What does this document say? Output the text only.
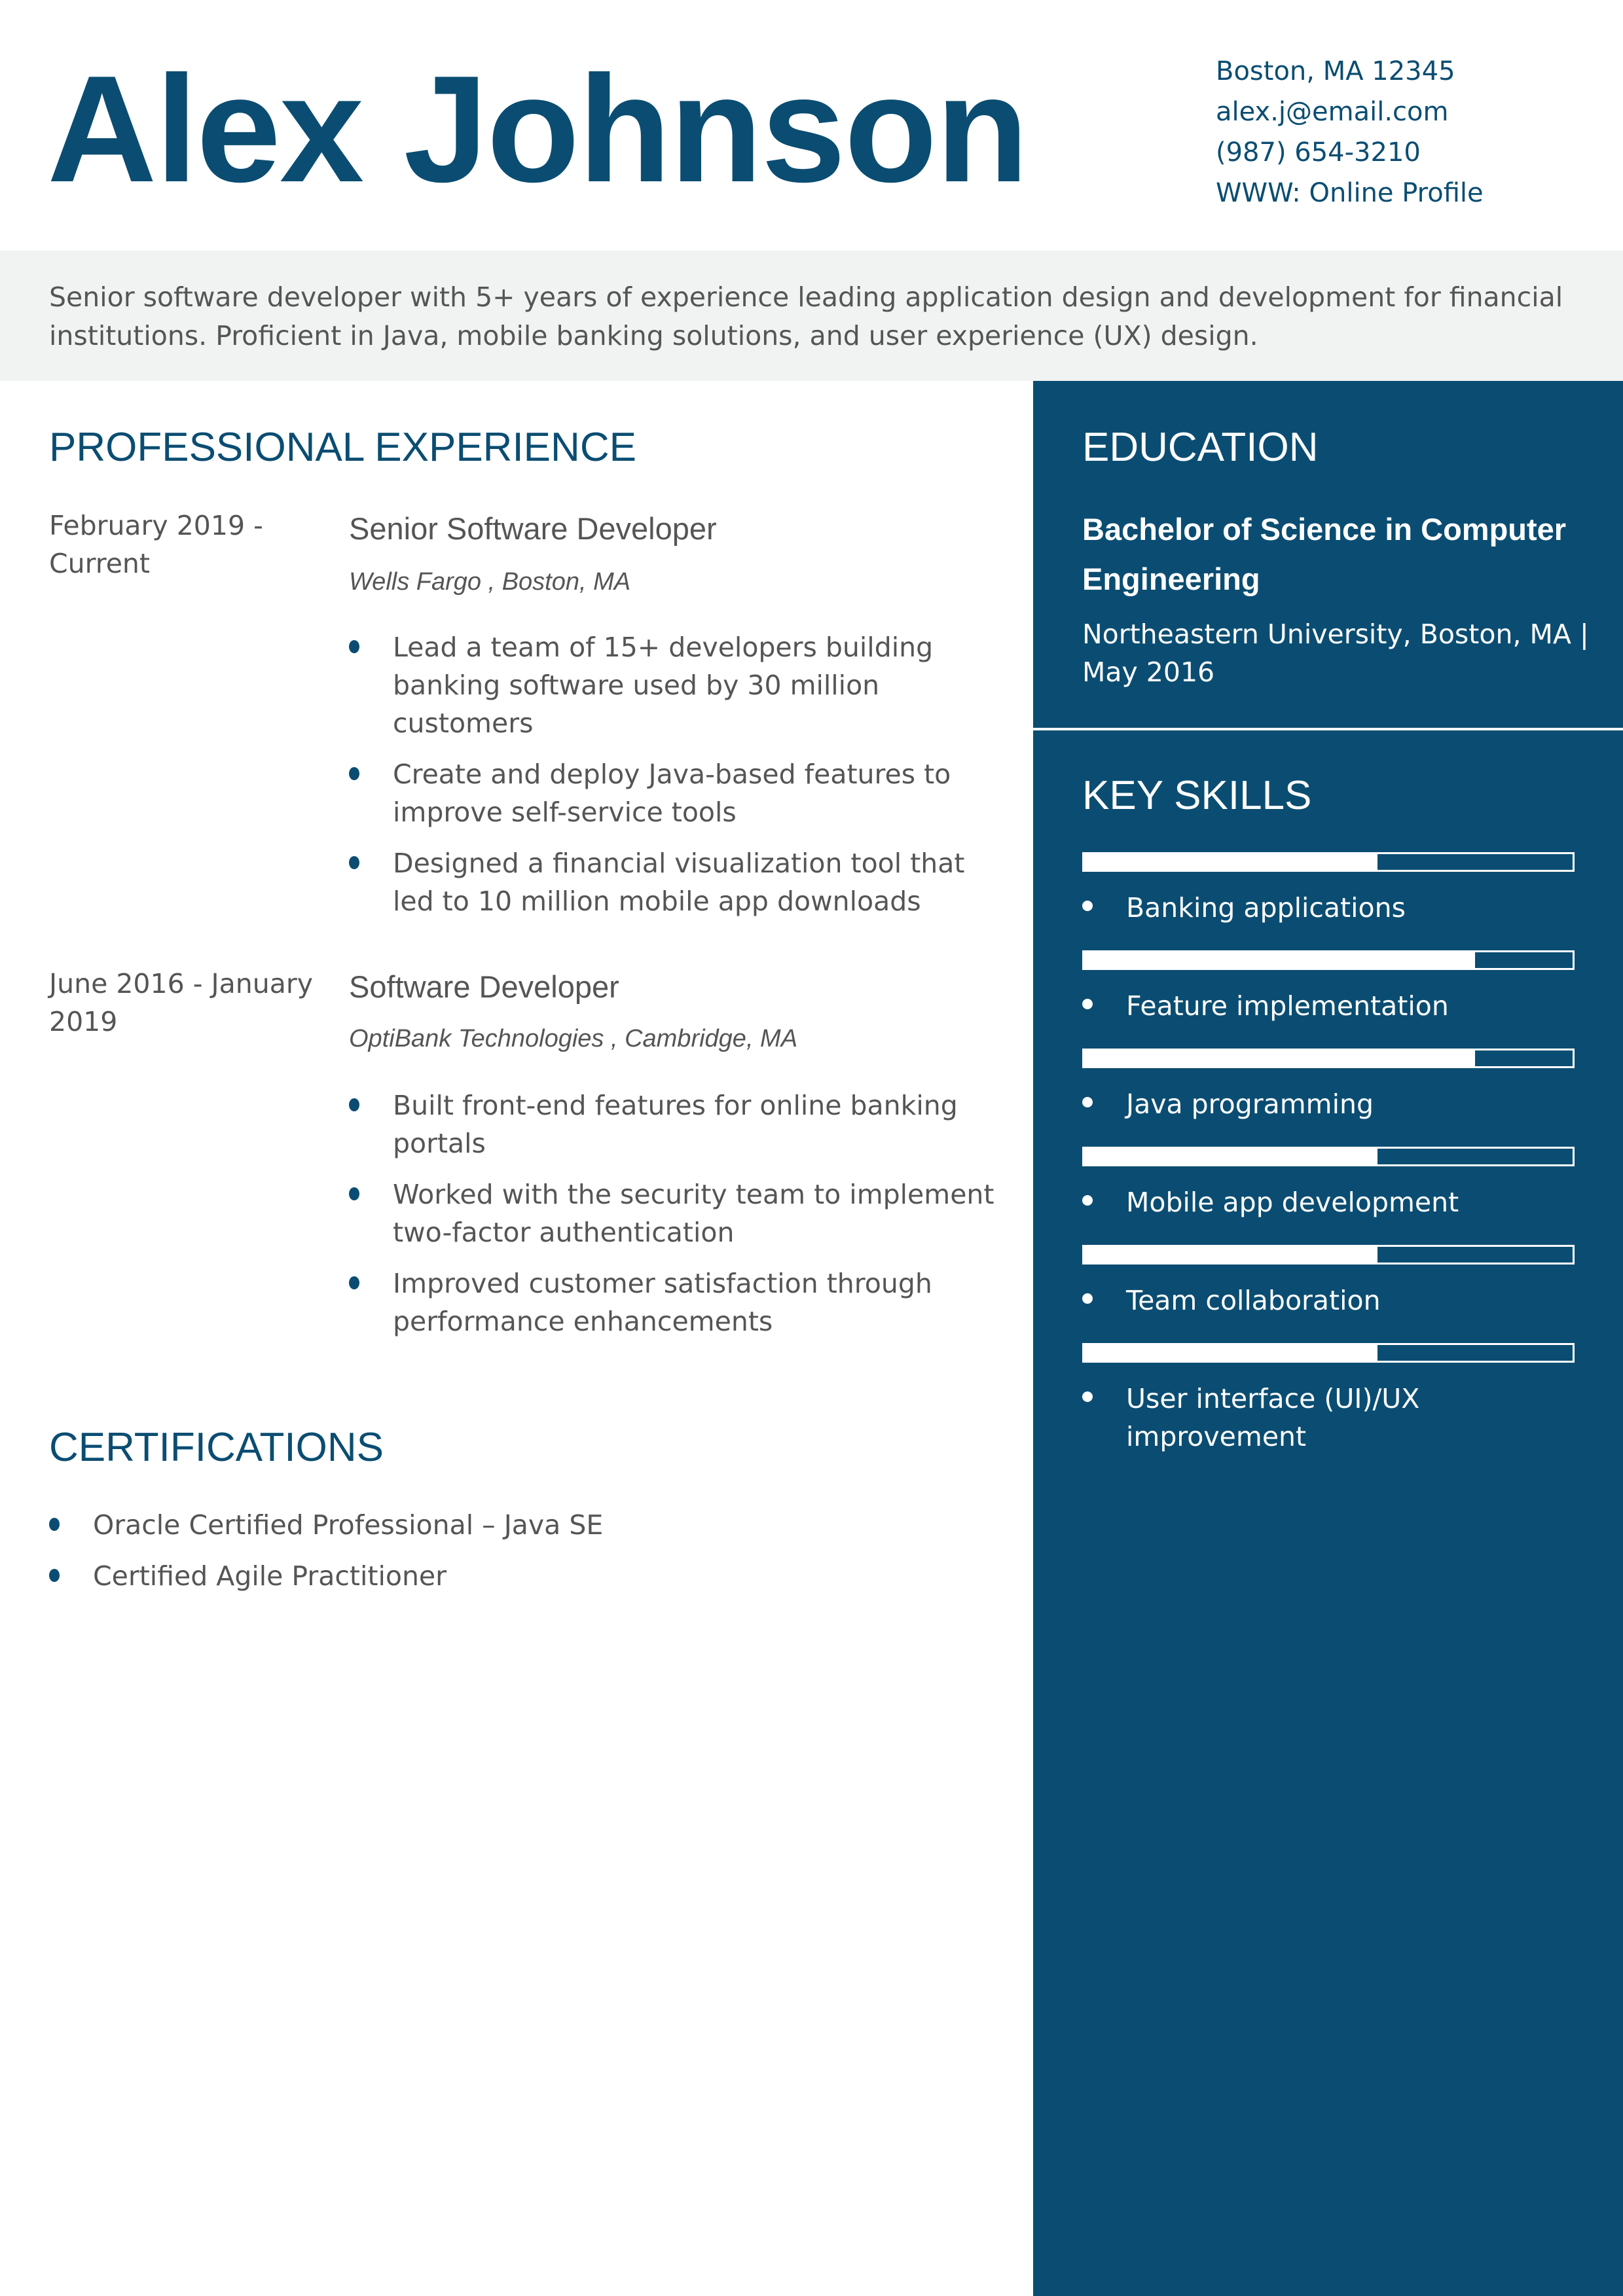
Alex Johnson	Boston, MA 12345
alex.j@email.com
(987) 654-3210
WWW: Online Profile
Senior software developer with 5+ years of experience leading application design and development for financial institutions. Proficient in Java, mobile banking solutions, and user experience (UX) design.
PROFESSIONAL EXPERIENCE
February 2019 - Current
Senior Software Developer
Wells Fargo , Boston, MA
Lead a team of 15+ developers building banking software used by 30 million customers
Create and deploy Java-based features to improve self-service tools
Designed a financial visualization tool that led to 10 million mobile app downloads
June 2016 - January 2019
Software Developer
OptiBank Technologies , Cambridge, MA
Built front-end features for online banking portals
Worked with the security team to implement two-factor authentication
Improved customer satisfaction through performance enhancements
CERTIFICATIONS
Oracle Certified Professional – Java SE
Certified Agile Practitioner
EDUCATION
Bachelor of Science in Computer Engineering
Northeastern University, Boston, MA | May 2016
KEY SKILLS
Banking applications
Feature implementation
Java programming
Mobile app development
Team collaboration
User interface (UI)/UX improvement
